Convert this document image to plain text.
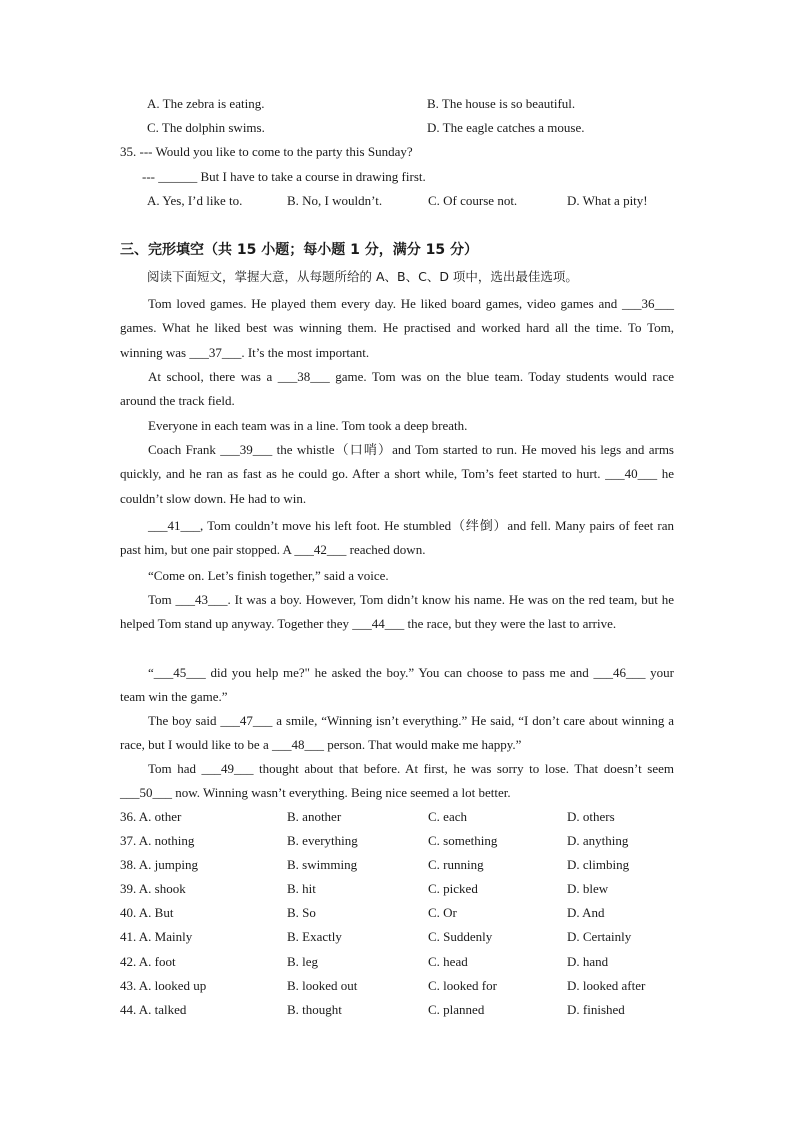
A. The zebra is eating.	B. The house is so beautiful.
C. The dolphin swims.	D. The eagle catches a mouse.
35. --- Would you like to come to the party this Sunday?
--- ______ But I have to take a course in drawing first.
A. Yes, I’d like to.	B. No, I wouldn’t.	C. Of course not.	D. What a pity!
三、完形填空（共 15 小题；每小题 1 分，满分 15 分）
阅读下面短文，掌握大意，从每题所给的 A、B、C、D 项中，选出最佳选项。
Tom loved games. He played them every day. He liked board games, video games and ___36___ games. What he liked best was winning them. He practised and worked hard all the time. To Tom, winning was ___37___. It’s the most important.
At school, there was a ___38___ game. Tom was on the blue team. Today students would race around the track field.
Everyone in each team was in a line. Tom took a deep breath.
Coach Frank ___39___ the whistle（口哨）and Tom started to run. He moved his legs and arms quickly, and he ran as fast as he could go. After a short while, Tom’s feet started to hurt. ___40___ he couldn’t slow down. He had to win.
___41___, Tom couldn’t move his left foot. He stumbled（绊倒）and fell. Many pairs of feet ran past him, but one pair stopped. A ___42___ reached down.
“Come on. Let’s finish together,” said a voice.
Tom ___43___. It was a boy. However, Tom didn’t know his name. He was on the red team, but he helped Tom stand up anyway. Together they ___44___ the race, but they were the last to arrive.
“___45___ did you help me?" he asked the boy.” You can choose to pass me and ___46___ your team win the game.”
The boy said ___47___ a smile, “Winning isn’t everything.” He said, “I don’t care about winning a race, but I would like to be a ___48___ person. That would make me happy.”
Tom had ___49___ thought about that before. At first, he was sorry to lose. That doesn’t seem ___50___ now. Winning wasn’t everything. Being nice seemed a lot better.
36. A. other	B. another	C. each	D. others
37. A. nothing	B. everything	C. something	D. anything
38. A. jumping	B. swimming	C. running	D. climbing
39. A. shook	B. hit	C. picked	D. blew
40. A. But	B. So	C. Or	D. And
41. A. Mainly	B. Exactly	C. Suddenly	D. Certainly
42. A. foot	B. leg	C. head	D. hand
43. A. looked up	B. looked out	C. looked for	D. looked after
44. A. talked	B. thought	C. planned	D. finished
